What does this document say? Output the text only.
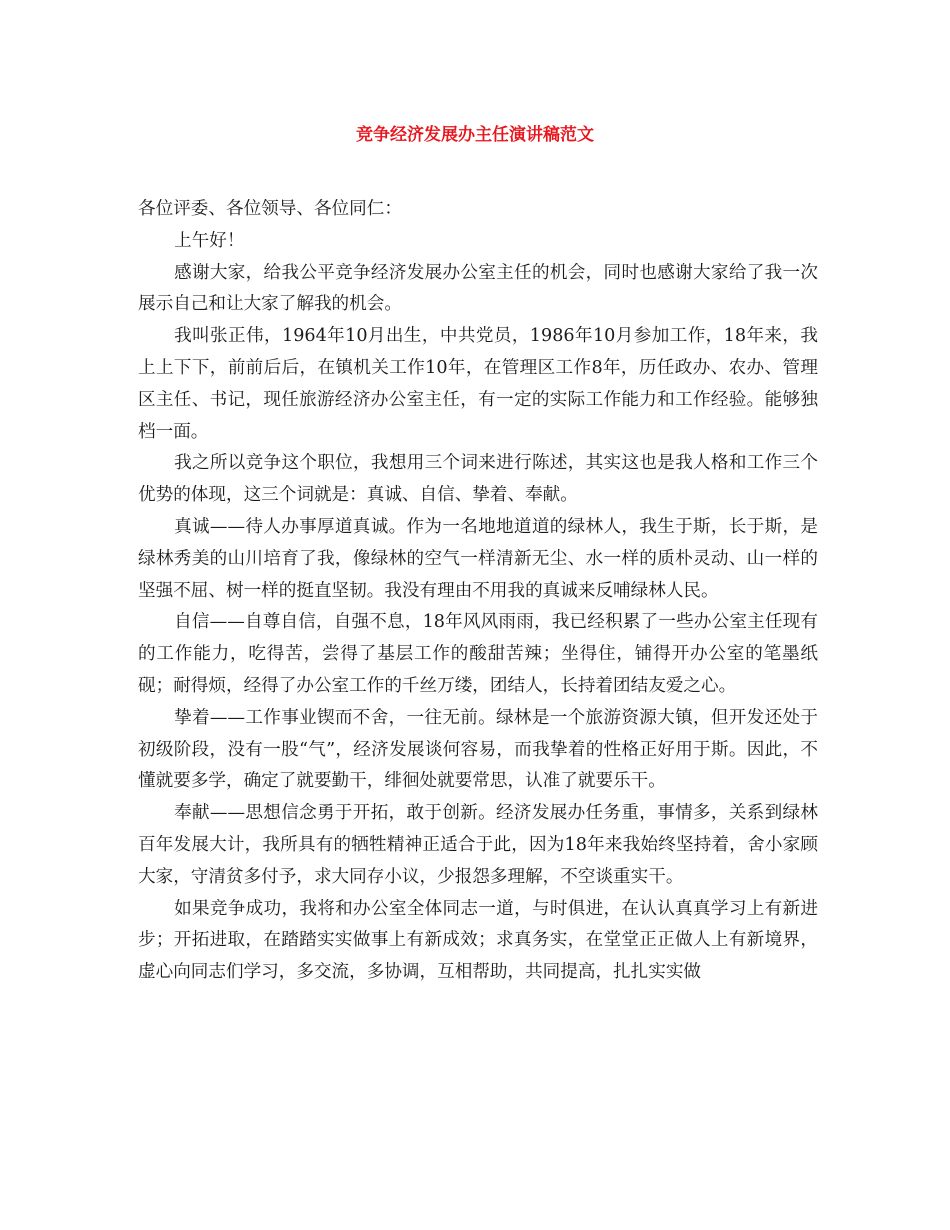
竞争经济发展办主任演讲稿范文

各位评委、各位领导、各位同仁：

上午好！

感谢大家，给我公平竞争经济发展办公室主任的机会，同时也感谢大家给了我一次展示自己和让大家了解我的机会。

我叫张正伟，1964年10月出生，中共党员，1986年10月参加工作，18年来，我上上下下，前前后后，在镇机关工作10年，在管理区工作8年，历任政办、农办、管理区主任、书记，现任旅游经济办公室主任，有一定的实际工作能力和工作经验。能够独档一面。

我之所以竞争这个职位，我想用三个词来进行陈述，其实这也是我人格和工作三个优势的体现，这三个词就是：真诚、自信、挚着、奉献。

真诚——待人办事厚道真诚。作为一名地地道道的绿林人，我生于斯，长于斯，是绿林秀美的山川培育了我，像绿林的空气一样清新无尘、水一样的质朴灵动、山一样的坚强不屈、树一样的挺直坚韧。我没有理由不用我的真诚来反哺绿林人民。

自信——自尊自信，自强不息，18年风风雨雨，我已经积累了一些办公室主任现有的工作能力，吃得苦，尝得了基层工作的酸甜苦辣；坐得住，铺得开办公室的笔墨纸砚；耐得烦，经得了办公室工作的千丝万缕，团结人，长持着团结友爱之心。

挚着——工作事业锲而不舍，一往无前。绿林是一个旅游资源大镇，但开发还处于初级阶段，没有一股“气”，经济发展谈何容易，而我挚着的性格正好用于斯。因此，不懂就要多学，确定了就要勤干，绯徊处就要常思，认准了就要乐干。

奉献——思想信念勇于开拓，敢于创新。经济发展办任务重，事情多，关系到绿林百年发展大计，我所具有的牺牲精神正适合于此，因为18年来我始终坚持着，舍小家顾大家，守清贫多付予，求大同存小议，少报怨多理解，不空谈重实干。

如果竞争成功，我将和办公室全体同志一道，与时俱进，在认认真真学习上有新进步；开拓进取，在踏踏实实做事上有新成效；求真务实，在堂堂正正做人上有新境界，虚心向同志们学习，多交流，多协调，互相帮助，共同提高，扎扎实实做
